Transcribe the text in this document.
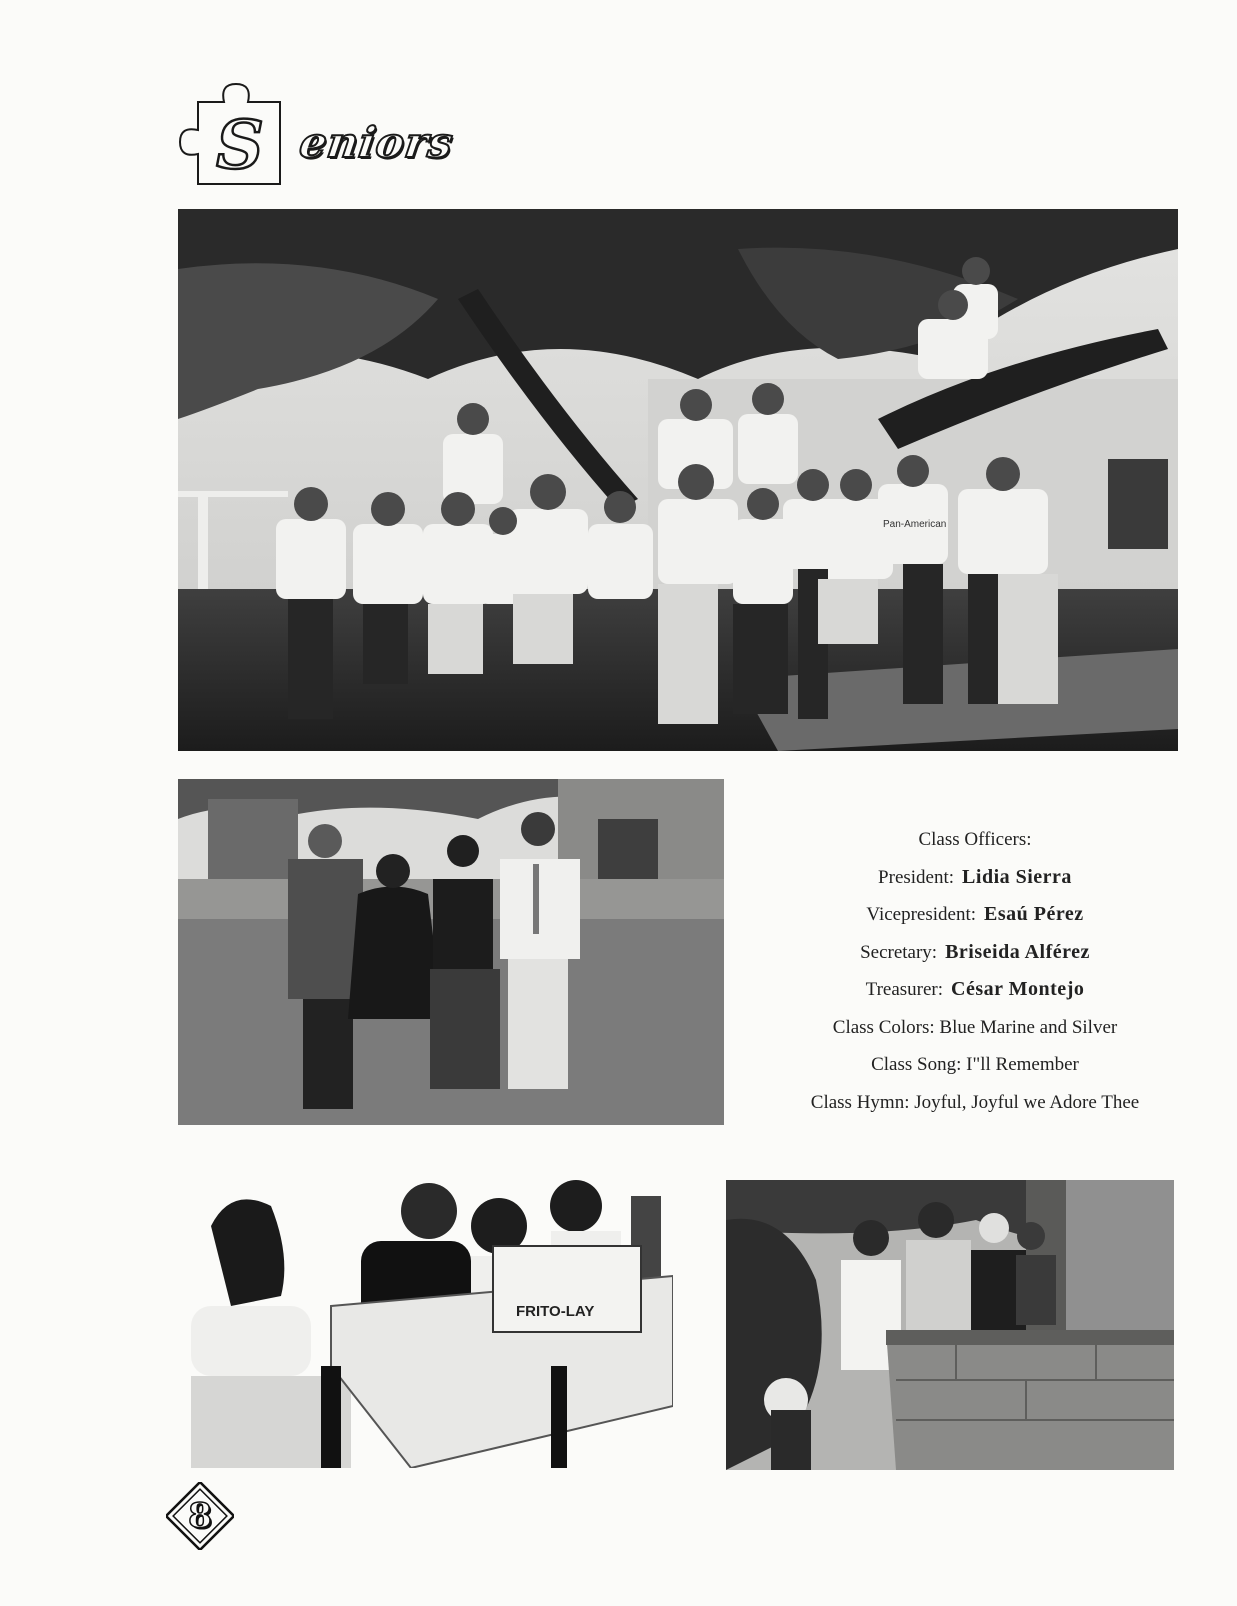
S eniors
Pan-American
Class Officers:
President: Lidia Sierra
Vicepresident: Esaú Pérez
Secretary: Briseida Alférez
Treasurer: César Montejo
Class Colors: Blue Marine and Silver
Class Song: I"ll Remember
Class Hymn: Joyful, Joyful we Adore Thee
FRITO-LAY
8
